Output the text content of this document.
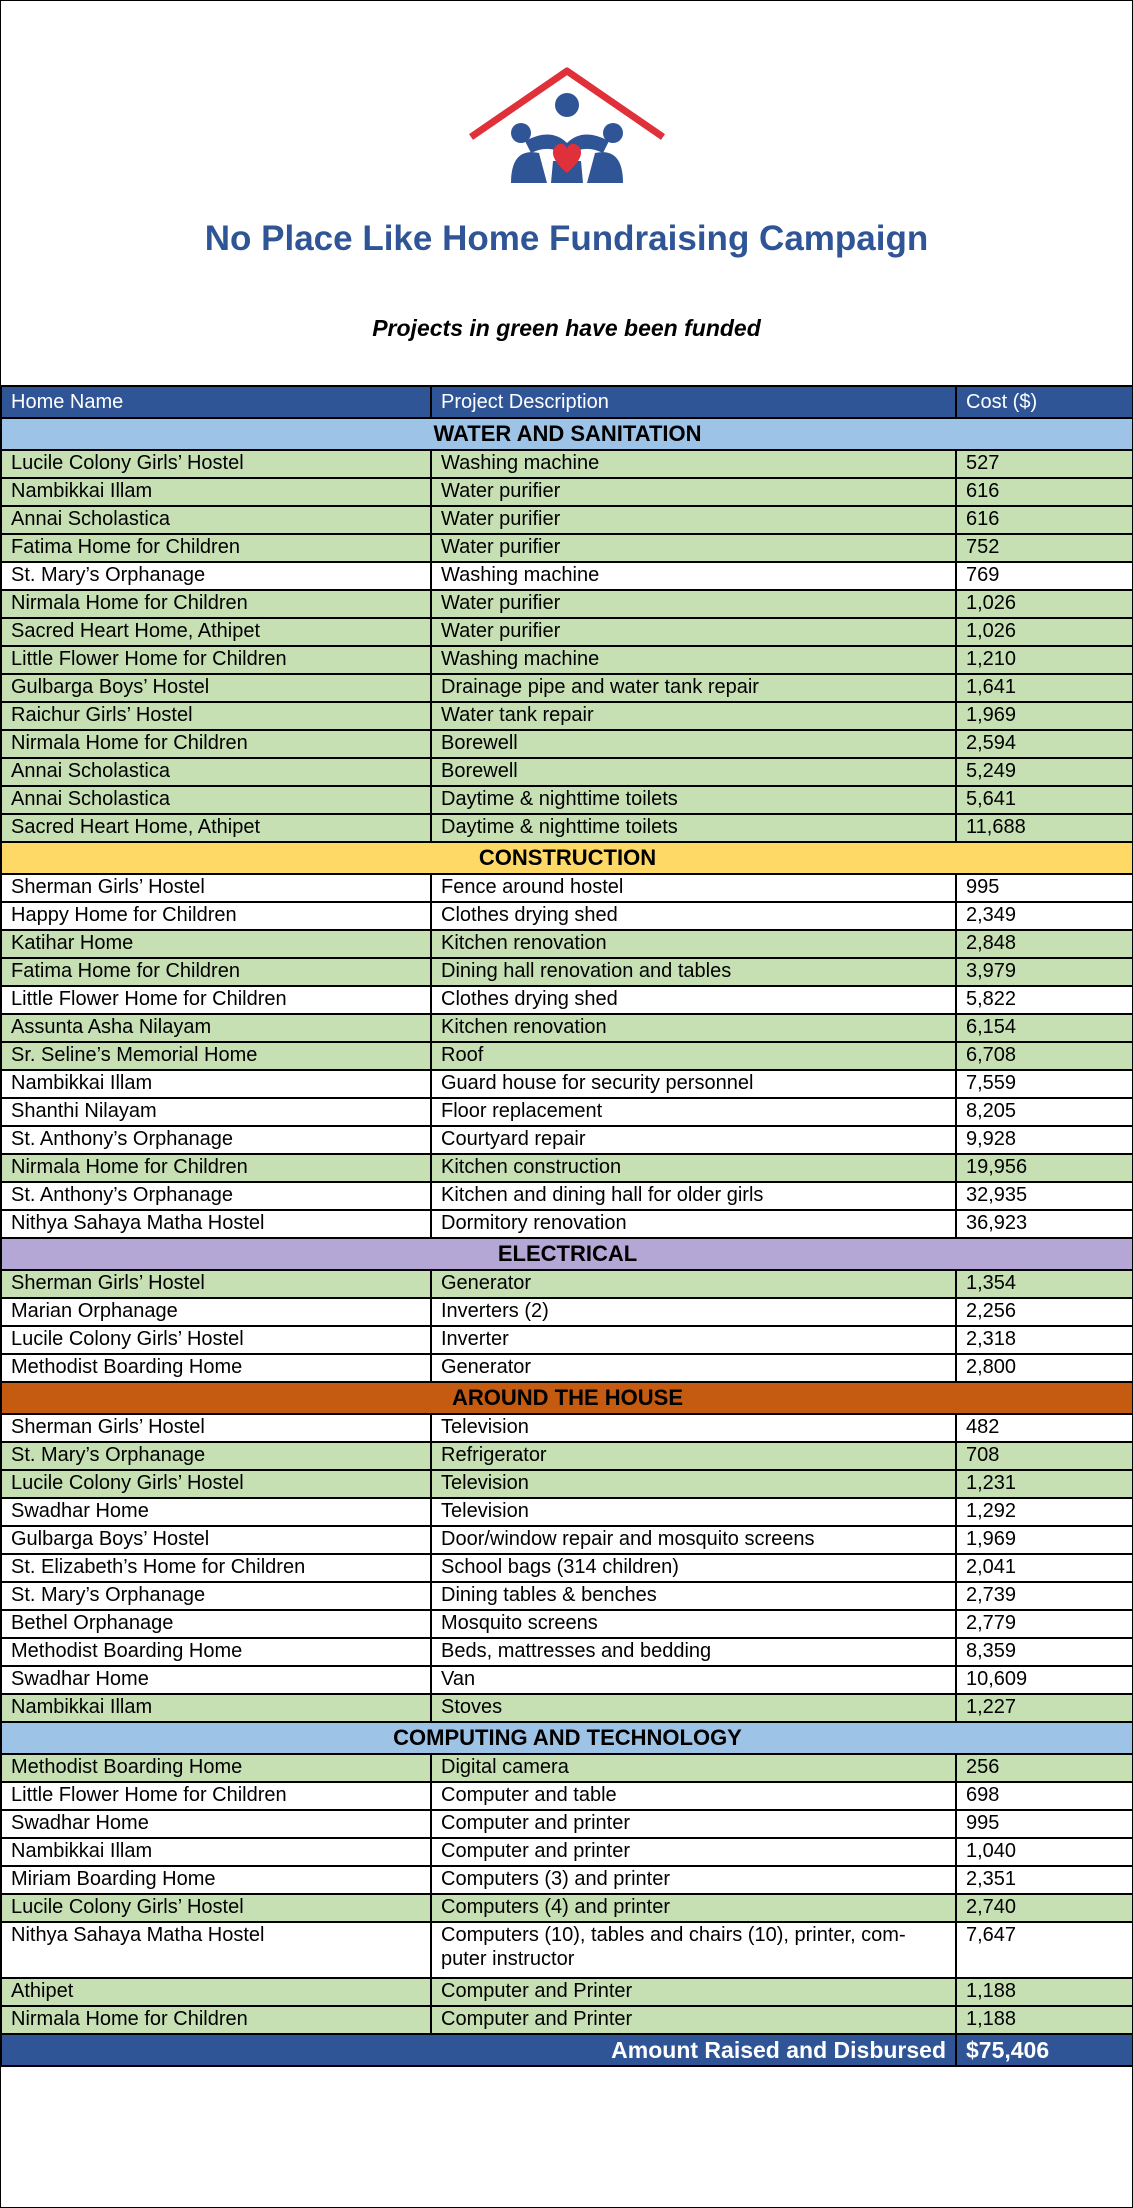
No Place Like Home Fundraising Campaign
Projects in green have been funded
Home Name	Project Description	Cost ($)
WATER AND SANITATION		
Lucile Colony Girls’ Hostel	Washing machine	527
Nambikkai Illam	Water purifier	616
Annai Scholastica	Water purifier	616
Fatima Home for Children	Water purifier	752
St. Mary’s Orphanage	Washing machine	769
Nirmala Home for Children	Water purifier	1,026
Sacred Heart Home, Athipet	Water purifier	1,026
Little Flower Home for Children	Washing machine	1,210
Gulbarga Boys’ Hostel	Drainage pipe and water tank repair	1,641
Raichur Girls’ Hostel	Water tank repair	1,969
Nirmala Home for Children	Borewell	2,594
Annai Scholastica	Borewell	5,249
Annai Scholastica	Daytime & nighttime toilets	5,641
Sacred Heart Home, Athipet	Daytime & nighttime toilets	11,688
CONSTRUCTION		
Sherman Girls’ Hostel	Fence around hostel	995
Happy Home for Children	Clothes drying shed	2,349
Katihar Home	Kitchen renovation	2,848
Fatima Home for Children	Dining hall renovation and tables	3,979
Little Flower Home for Children	Clothes drying shed	5,822
Assunta Asha Nilayam	Kitchen renovation	6,154
Sr. Seline’s Memorial Home	Roof	6,708
Nambikkai Illam	Guard house for security personnel	7,559
Shanthi Nilayam	Floor replacement	8,205
St. Anthony’s Orphanage	Courtyard repair	9,928
Nirmala Home for Children	Kitchen construction	19,956
St. Anthony’s Orphanage	Kitchen and dining hall for older girls	32,935
Nithya Sahaya Matha Hostel	Dormitory renovation	36,923
ELECTRICAL		
Sherman Girls’ Hostel	Generator	1,354
Marian Orphanage	Inverters (2)	2,256
Lucile Colony Girls’ Hostel	Inverter	2,318
Methodist Boarding Home	Generator	2,800
AROUND THE HOUSE		
Sherman Girls’ Hostel	Television	482
St. Mary’s Orphanage	Refrigerator	708
Lucile Colony Girls’ Hostel	Television	1,231
Swadhar Home	Television	1,292
Gulbarga Boys’ Hostel	Door/window repair and mosquito screens	1,969
St. Elizabeth’s Home for Children	School bags (314 children)	2,041
St. Mary’s Orphanage	Dining tables & benches	2,739
Bethel Orphanage	Mosquito screens	2,779
Methodist Boarding Home	Beds, mattresses and bedding	8,359
Swadhar Home	Van	10,609
Nambikkai Illam	Stoves	1,227
COMPUTING AND TECHNOLOGY		
Methodist Boarding Home	Digital camera	256
Little Flower Home for Children	Computer and table	698
Swadhar Home	Computer and printer	995
Nambikkai Illam	Computer and printer	1,040
Miriam Boarding Home	Computers (3) and printer	2,351
Lucile Colony Girls’ Hostel	Computers (4) and printer	2,740
Nithya Sahaya Matha Hostel	Computers (10), tables and chairs (10), printer, com-puter instructor	7,647
Athipet	Computer and Printer	1,188
Nirmala Home for Children	Computer and Printer	1,188
Amount Raised and Disbursed		$75,406
